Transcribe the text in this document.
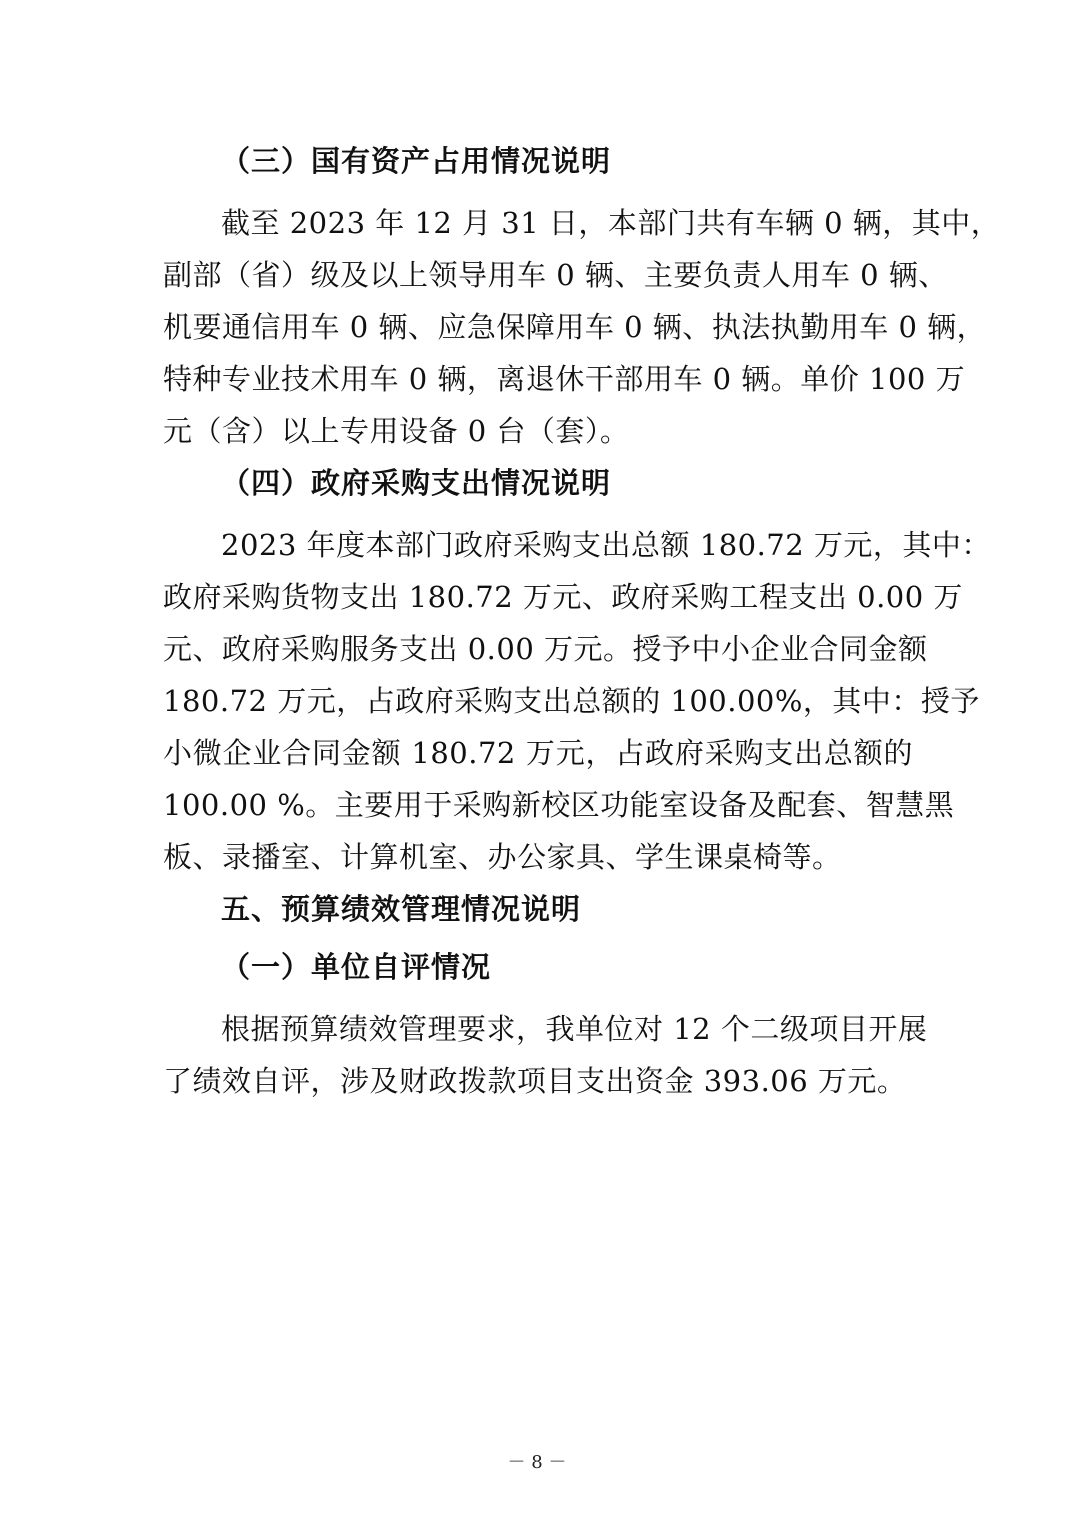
（三）国有资产占用情况说明
截至 2023 年 12 月 31 日，本部门共有车辆 0 辆，其中，
副部（省）级及以上领导用车 0 辆、主要负责人用车 0 辆、
机要通信用车 0 辆、应急保障用车 0 辆、执法执勤用车 0 辆，
特种专业技术用车 0 辆，离退休干部用车 0 辆。单价 100 万
元（含）以上专用设备 0 台（套）。
（四）政府采购支出情况说明
2023 年度本部门政府采购支出总额 180.72 万元，其中：
政府采购货物支出 180.72 万元、政府采购工程支出 0.00 万
元、政府采购服务支出 0.00 万元。授予中小企业合同金额
180.72 万元，占政府采购支出总额的 100.00%，其中：授予
小微企业合同金额 180.72 万元，占政府采购支出总额的
100.00 %。主要用于采购新校区功能室设备及配套、智慧黑
板、录播室、计算机室、办公家具、学生课桌椅等。
五、预算绩效管理情况说明
（一）单位自评情况
根据预算绩效管理要求，我单位对 12 个二级项目开展
了绩效自评，涉及财政拨款项目支出资金 393.06 万元。
－ 8 －
